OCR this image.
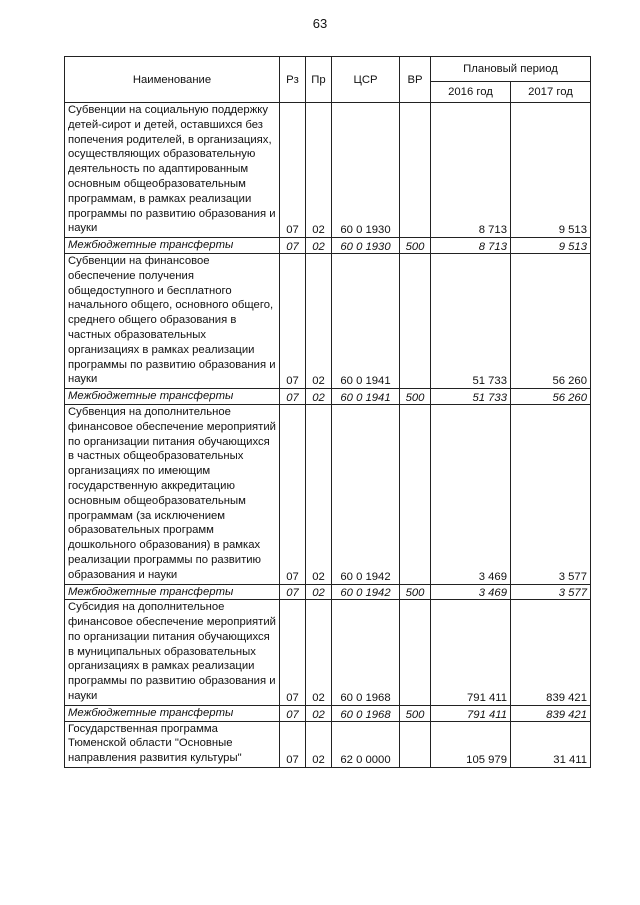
63
Наименование	Рз	Пр	ЦСР	ВР	Плановый период	
					2016 год	2017 год
Субвенции на социальную поддержку детей-сирот и детей, оставшихся без попечения родителей, в организациях, осуществляющих образовательную деятельность по адаптированным основным общеобразовательным программам, в рамках реализации программы по развитию образования и науки	07	02	60 0 1930		8 713	9 513
Межбюджетные трансферты	07	02	60 0 1930	500	8 713	9 513
Субвенции на финансовое обеспечение получения общедоступного и бесплатного начального общего, основного общего, среднего общего образования в частных образовательных организациях в рамках реализации программы по развитию образования и науки	07	02	60 0 1941		51 733	56 260
Межбюджетные трансферты	07	02	60 0 1941	500	51 733	56 260
Субвенция на дополнительное финансовое обеспечение мероприятий по организации питания обучающихся в частных общеобразовательных организациях по имеющим государственную аккредитацию основным общеобразовательным программам (за исключением образовательных программ дошкольного образования) в рамках реализации программы по развитию образования и науки	07	02	60 0 1942		3 469	3 577
Межбюджетные трансферты	07	02	60 0 1942	500	3 469	3 577
Субсидия на дополнительное финансовое обеспечение мероприятий по организации питания обучающихся в муниципальных образовательных организациях в рамках реализации программы по развитию образования и науки	07	02	60 0 1968		791 411	839 421
Межбюджетные трансферты	07	02	60 0 1968	500	791 411	839 421
Государственная программа Тюменской области "Основные направления развития культуры"	07	02	62 0 0000		105 979	31 411
